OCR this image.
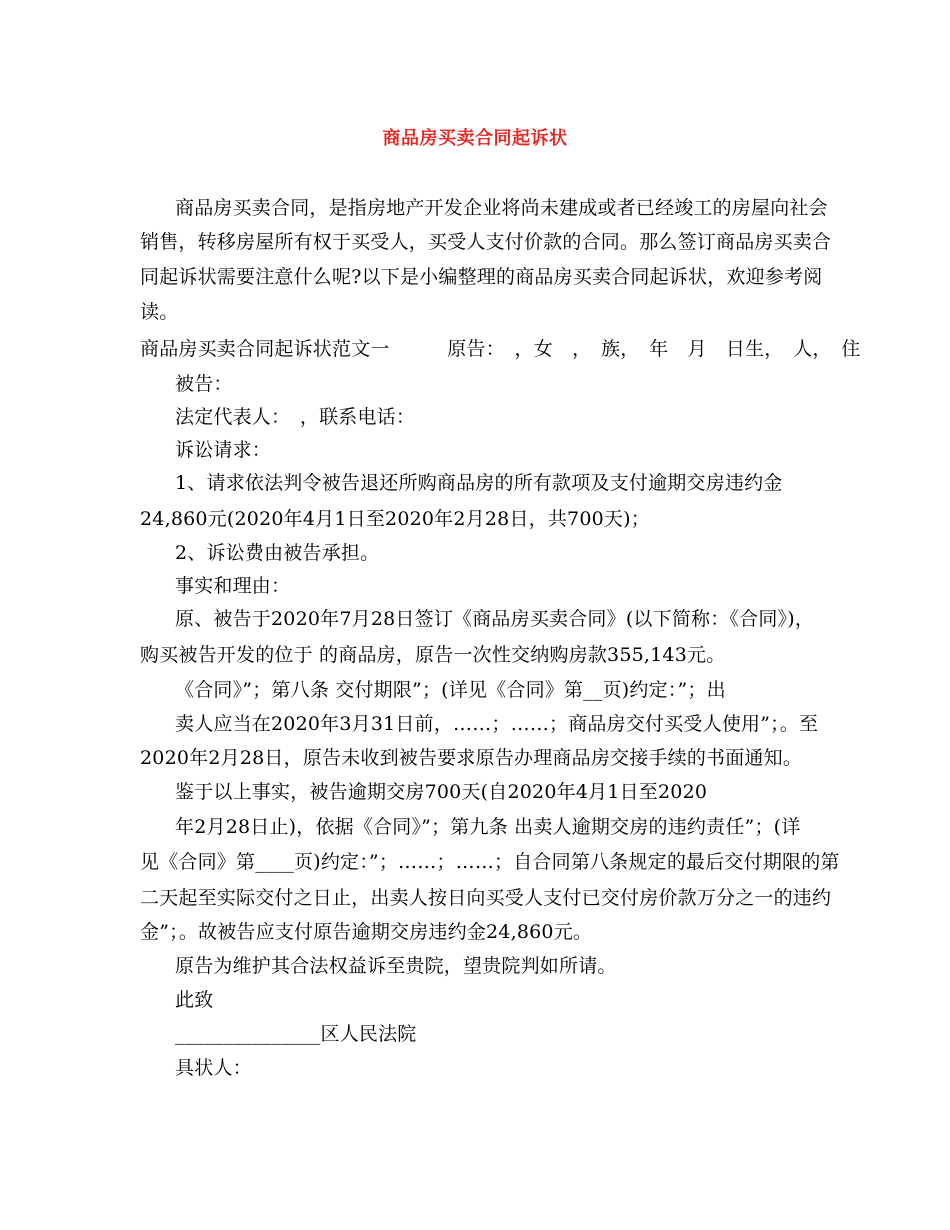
商品房买卖合同起诉状
商品房买卖合同，是指房地产开发企业将尚未建成或者已经竣工的房屋向社会
销售，转移房屋所有权于买受人，买受人支付价款的合同。那么签订商品房买卖合
同起诉状需要注意什么呢?以下是小编整理的商品房买卖合同起诉状，欢迎参考阅
读。
商品房买卖合同起诉状范文一　　　原告：　，女　，　族，　年　月　日生，　人，　住
被告：
法定代表人：　，联系电话：
诉讼请求：
1、请求依法判令被告退还所购商品房的所有款项及支付逾期交房违约金
24,860元(2020年4月1日至2020年2月28日，共700天)；
2、诉讼费由被告承担。
事实和理由：
原、被告于2020年7月28日签订《商品房买卖合同》(以下简称：《合同》)，
购买被告开发的位于 的商品房，原告一次性交纳购房款355,143元。
《合同》”；第八条 交付期限”；(详见《合同》第__页)约定：”；出
卖人应当在2020年3月31日前，……；……；商品房交付买受人使用”；。至
2020年2月28日，原告未收到被告要求原告办理商品房交接手续的书面通知。
鉴于以上事实，被告逾期交房700天(自2020年4月1日至2020
年2月28日止)，依据《合同》”；第九条 出卖人逾期交房的违约责任”；(详
见《合同》第____页)约定：”；……；……；自合同第八条规定的最后交付期限的第
二天起至实际交付之日止，出卖人按日向买受人支付已交付房价款万分之一的违约
金”；。故被告应支付原告逾期交房违约金24,860元。
原告为维护其合法权益诉至贵院，望贵院判如所请。
此致
_______________区人民法院
具状人：
